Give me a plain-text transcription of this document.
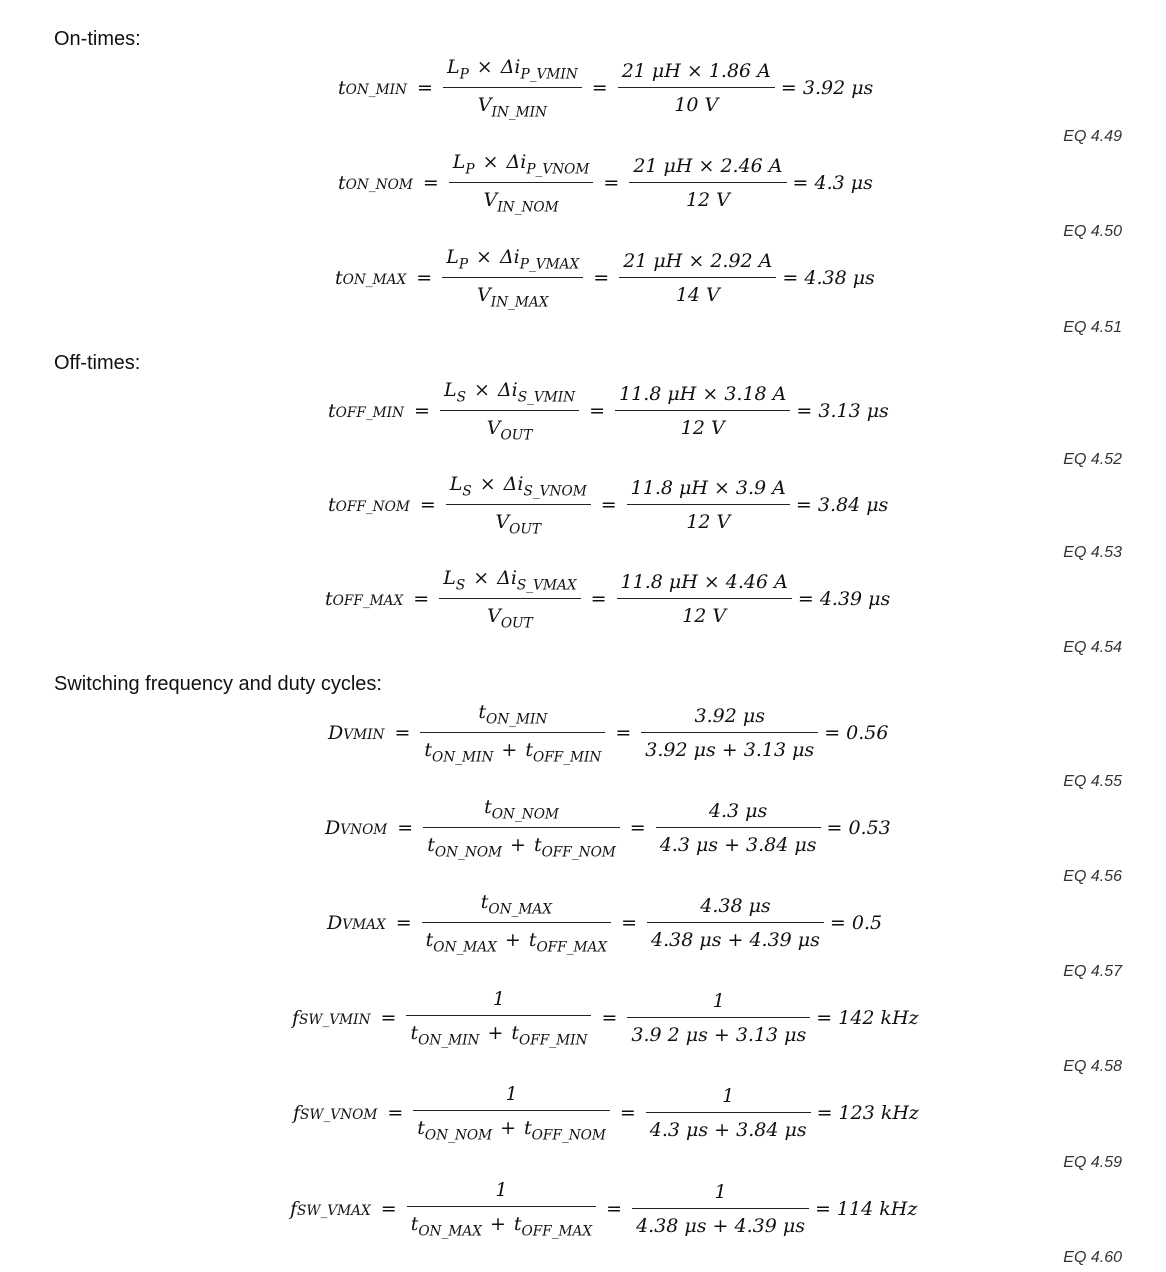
On-times:
Off-times:
Switching frequency and duty cycles:
t ON_MIN = $\frac{L_P \times \Delta i_{P\_VMIN}}{V_{IN\_MIN}} = \frac{21 \mu H \times 1.86 A}{10 V} = 3.92$ μs
EQ 4.49
t ON_NOM = $\frac{L_P \times \Delta i_{P\_VNOM}}{V_{IN\_NOM}} = \frac{21 \mu H \times 2.46 A}{12 V} = 4.3$ μs
EQ 4.50
t ON_MAX = $\frac{L_P \times \Delta i_{P\_VMAX}}{V_{IN\_MAX}} = \frac{21 \mu H \times 2.92 A}{14 V} = 4.38$ μs
EQ 4.51
t OFF_MIN = $\frac{L_S \times \Delta i_{S\_VMIN}}{V_{OUT}} = \frac{11.8 \mu H \times 3.18 A}{12 V} = 3.13$ μs
EQ 4.52
t OFF_NOM = $\frac{L_S \times \Delta i_{S\_VNOM}}{V_{OUT}} = \frac{11.8 \mu H \times 3.9 A}{12 V} = 3.84$ μs
EQ 4.53
t OFF_MAX = $\frac{L_S \times \Delta i_{S\_VMAX}}{V_{OUT}} = \frac{11.8 \mu H \times 4.46 A}{12 V} = 4.39$ μs
EQ 4.54
D VMIN = $\frac{t_{ON\_MIN}}{t_{ON\_MIN} + t_{OFF\_MIN}} = \frac{3.92 \mu s}{3.92 \mu s + 3.13 \mu s} = 0.56$
EQ 4.55
D VNOM = $\frac{t_{ON\_NOM}}{t_{ON\_NOM} + t_{OFF\_NOM}} = \frac{4.3 \mu s}{4.3 \mu s + 3.84 \mu s} = 0.53$
EQ 4.56
D VMAX = $\frac{t_{ON\_MAX}}{t_{ON\_MAX} + t_{OFF\_MAX}} = \frac{4.38 \mu s}{4.38 \mu s + 4.39 \mu s} = 0.5$
EQ 4.57
f SW_VMIN = $\frac{1}{t_{ON\_MIN} + t_{OFF\_MIN}} = \frac{1}{3.9 2 \mu s + 3.13 \mu s} = 142$ kHz
EQ 4.58
f SW_VNOM = $\frac{1}{t_{ON\_NOM} + t_{OFF\_NOM}} = \frac{1}{4.3 \mu s + 3.84 \mu s} = 123$ kHz
EQ 4.59
f SW_VMAX = $\frac{1}{t_{ON\_MAX} + t_{OFF\_MAX}} = \frac{1}{4.38 \mu s + 4.39 \mu s} = 114$ kHz
EQ 4.60
